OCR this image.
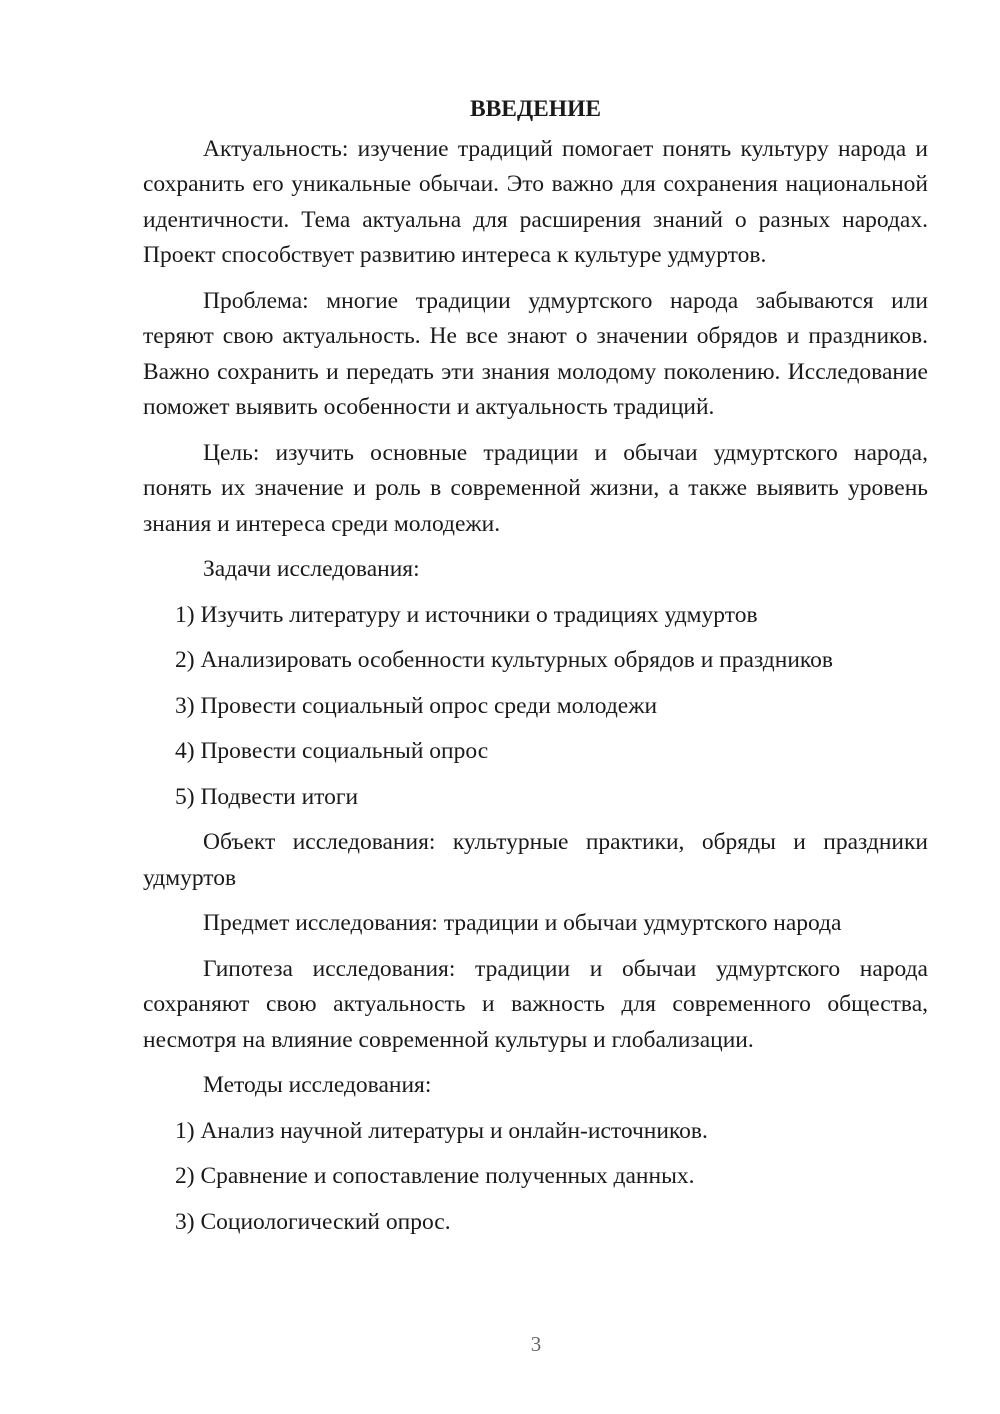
ВВЕДЕНИЕ

Актуальность: изучение традиций помогает понять культуру народа и сохранить его уникальные обычаи. Это важно для сохранения национальной идентичности. Тема актуальна для расширения знаний о разных народах. Проект способствует развитию интереса к культуре удмуртов.

Проблема: многие традиции удмуртского народа забываются или теряют свою актуальность. Не все знают о значении обрядов и праздников. Важно сохранить и передать эти знания молодому поколению. Исследование поможет выявить особенности и актуальность традиций.

Цель: изучить основные традиции и обычаи удмуртского народа, понять их значение и роль в современной жизни, а также выявить уровень знания и интереса среди молодежи.

Задачи исследования:

1) Изучить литературу и источники о традициях удмуртов

2) Анализировать особенности культурных обрядов и праздников

3) Провести социальный опрос среди молодежи

4) Провести социальный опрос

5) Подвести итоги

Объект исследования: культурные практики, обряды и праздники удмуртов

Предмет исследования: традиции и обычаи удмуртского народа

Гипотеза исследования: традиции и обычаи удмуртского народа сохраняют свою актуальность и важность для современного общества, несмотря на влияние современной культуры и глобализации.

Методы исследования:

1) Анализ научной литературы и онлайн-источников.

2) Сравнение и сопоставление полученных данных.

3) Социологический опрос.

3
